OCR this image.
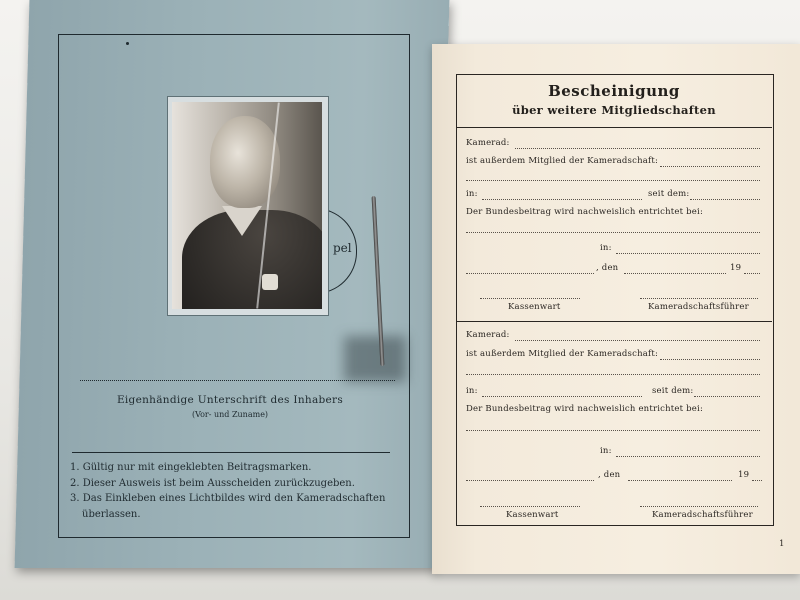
pel
Eigenhändige Unterschrift des Inhabers
(Vor- und Zuname)
1. Gültig nur mit eingeklebten Beitragsmarken.
2. Dieser Ausweis ist beim Ausscheiden zurückzugeben.
3. Das Einkleben eines Lichtbildes wird den Kameradschaften
überlassen.
Bescheinigung
über weitere Mitgliedschaften
Kamerad:
ist außerdem Mitglied der Kameradschaft:
in:	seit dem:
Der Bundesbeitrag wird nachweislich entrichtet bei:
in:
, den	19
Kassenwart	Kameradschaftsführer
Kamerad:
ist außerdem Mitglied der Kameradschaft:
in:	seit dem:
Der Bundesbeitrag wird nachweislich entrichtet bei:
in:
, den	19
Kassenwart	Kameradschaftsführer
1
